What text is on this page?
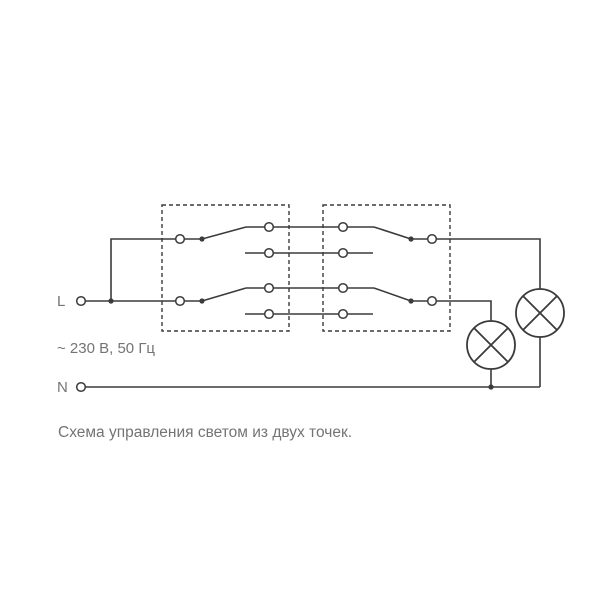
L
N
~ 230 В, 50 Гц
Схема управления светом из двух точек.
